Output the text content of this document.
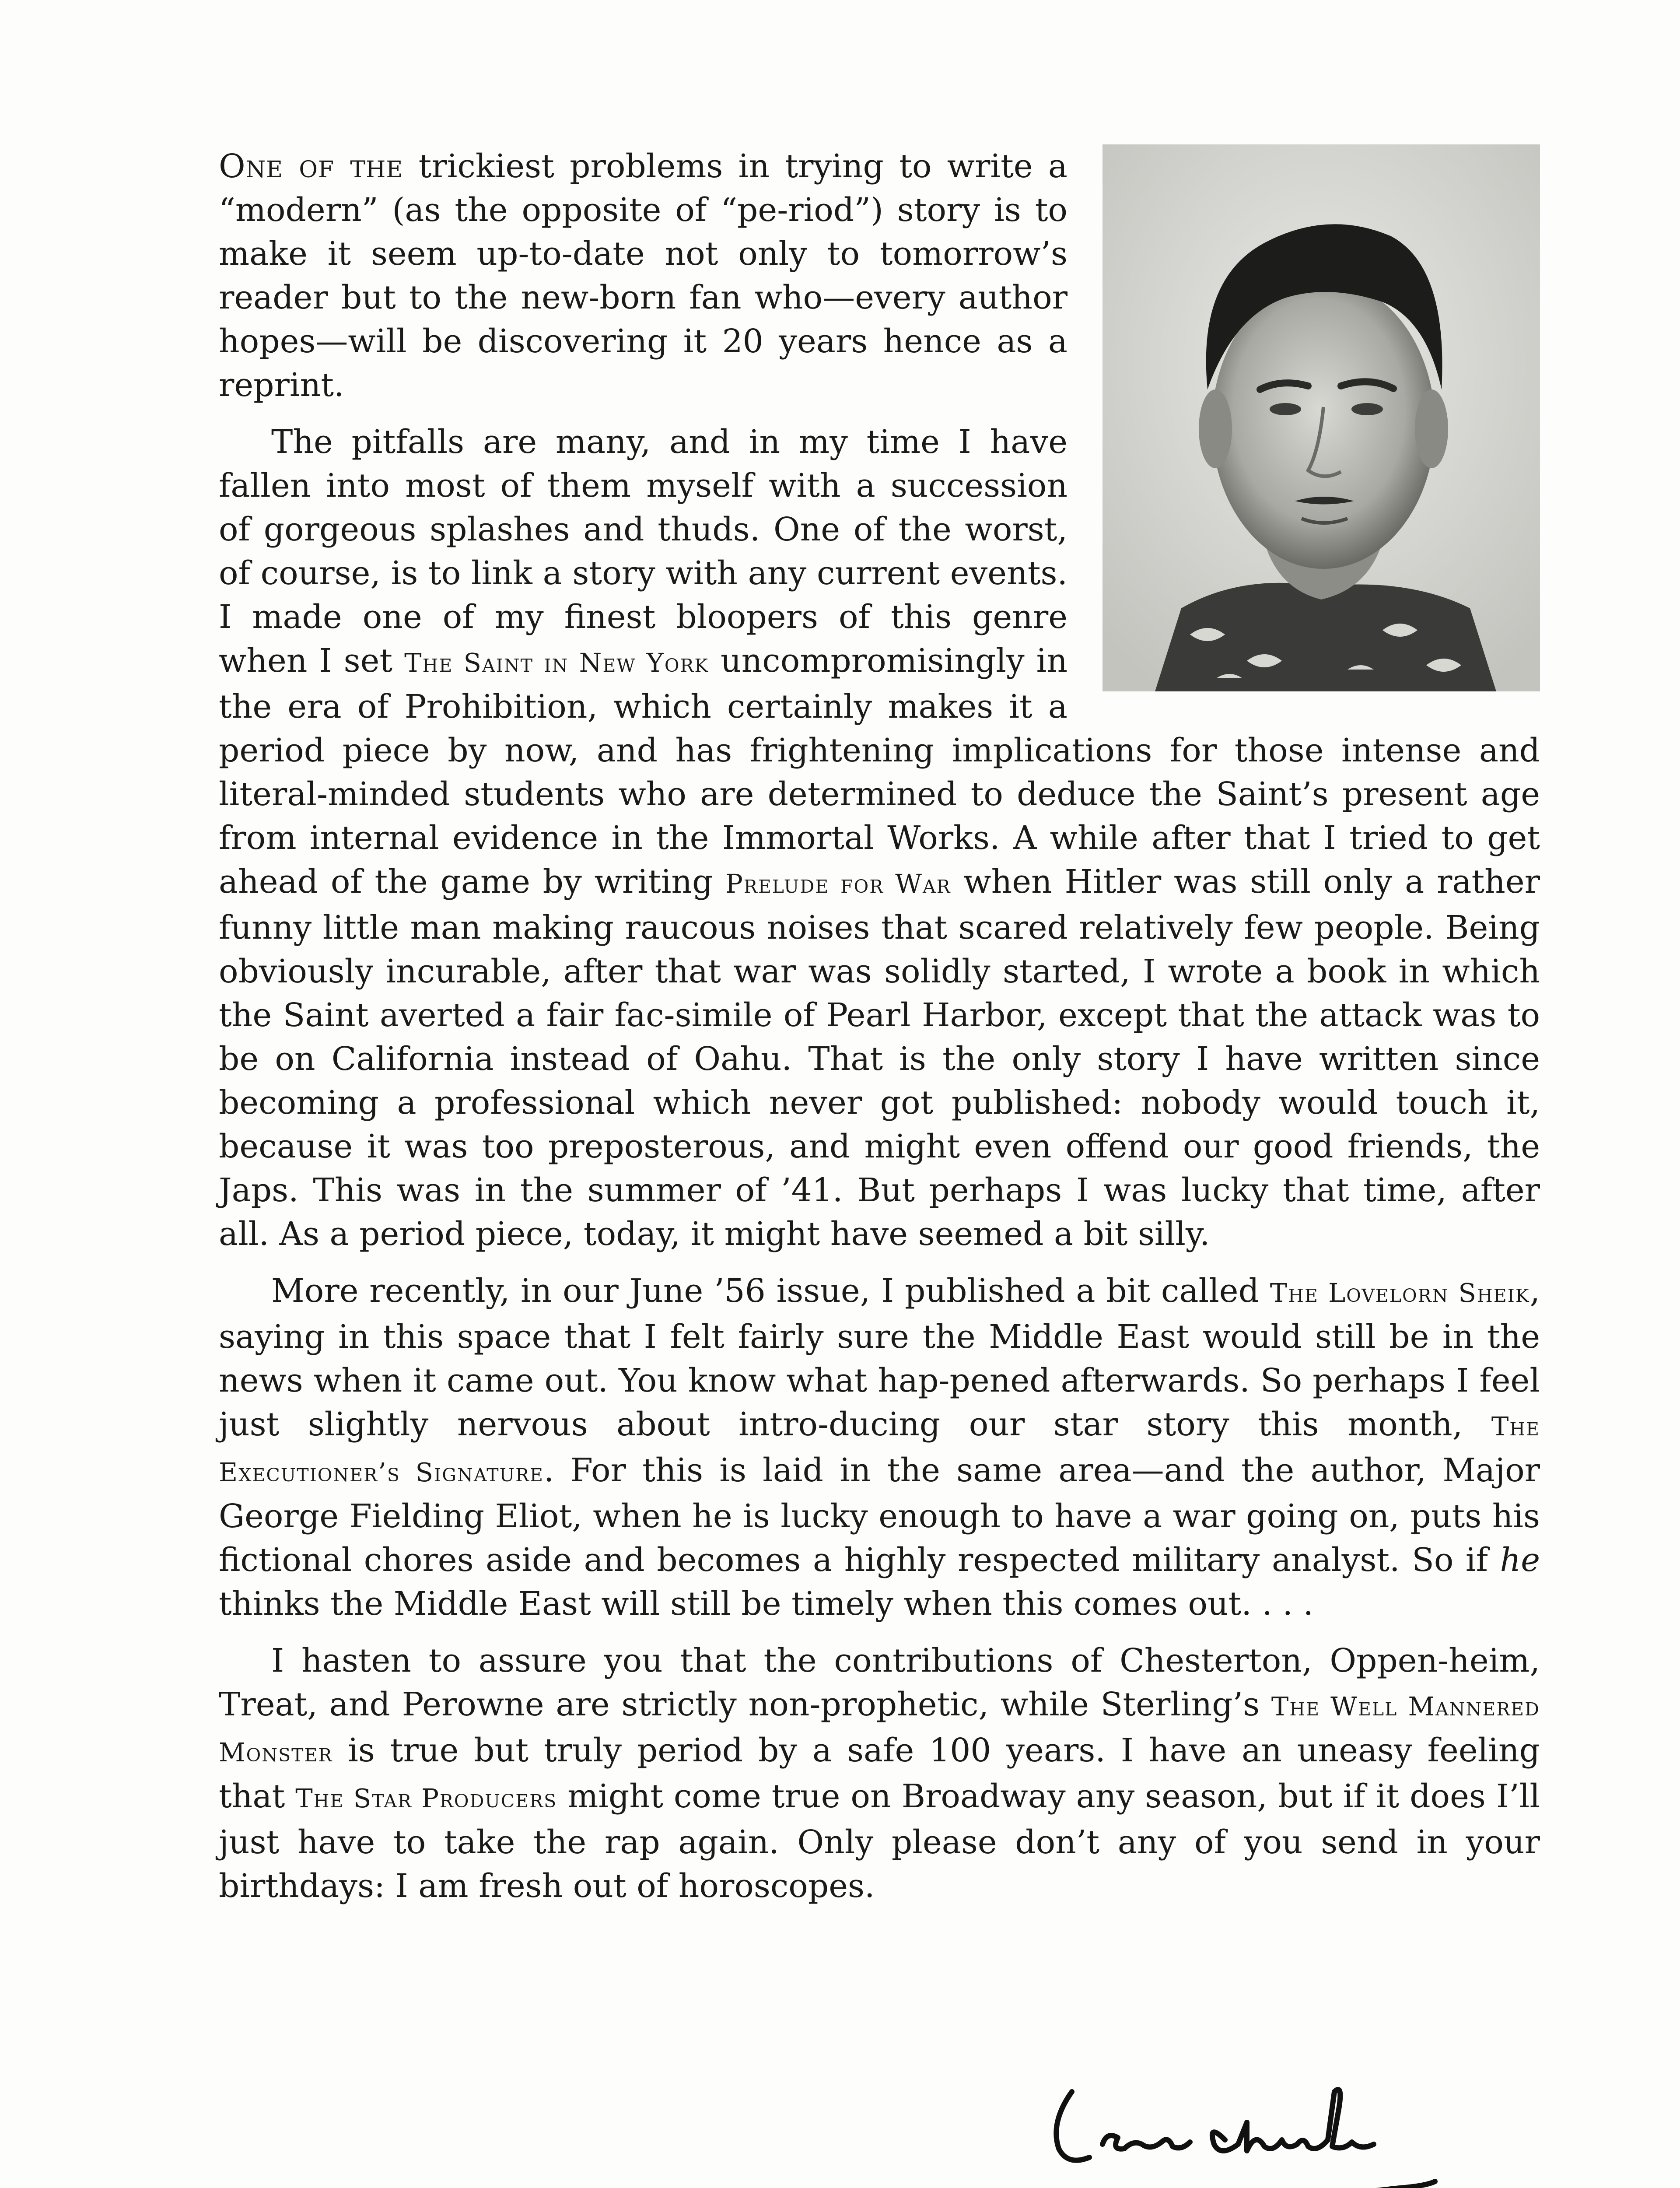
One of the trickiest problems in trying to write a “modern” (as the opposite of “pe-riod”) story is to make it seem up-to-date not only to tomorrow’s reader but to the new-born fan who—every author hopes—will be discovering it 20 years hence as a reprint.

The pitfalls are many, and in my time I have fallen into most of them myself with a succession of gorgeous splashes and thuds. One of the worst, of course, is to link a story with any current events. I made one of my finest bloopers of this genre when I set The Saint in New York uncompromisingly in the era of Prohibition, which certainly makes it a period piece by now, and has frightening implications for those intense and literal-minded students who are determined to deduce the Saint’s present age from internal evidence in the Immortal Works. A while after that I tried to get ahead of the game by writing Prelude for War when Hitler was still only a rather funny little man making raucous noises that scared relatively few people. Being obviously incurable, after that war was solidly started, I wrote a book in which the Saint averted a fair fac-simile of Pearl Harbor, except that the attack was to be on California instead of Oahu. That is the only story I have written since becoming a professional which never got published: nobody would touch it, because it was too preposterous, and might even offend our good friends, the Japs. This was in the summer of ’41. But perhaps I was lucky that time, after all. As a period piece, today, it might have seemed a bit silly.

More recently, in our June ’56 issue, I published a bit called The Lovelorn Sheik, saying in this space that I felt fairly sure the Middle East would still be in the news when it came out. You know what hap-pened afterwards. So perhaps I feel just slightly nervous about intro-ducing our star story this month, The Executioner’s Signature. For this is laid in the same area—and the author, Major George Fielding Eliot, when he is lucky enough to have a war going on, puts his fictional chores aside and becomes a highly respected military analyst. So if he thinks the Middle East will still be timely when this comes out. . . .

I hasten to assure you that the contributions of Chesterton, Oppen-heim, Treat, and Perowne are strictly non-prophetic, while Sterling’s The Well Mannered Monster is true but truly period by a safe 100 years. I have an uneasy feeling that The Star Producers might come true on Broadway any season, but if it does I’ll just have to take the rap again. Only please don’t any of you send in your birthdays: I am fresh out of horoscopes.
